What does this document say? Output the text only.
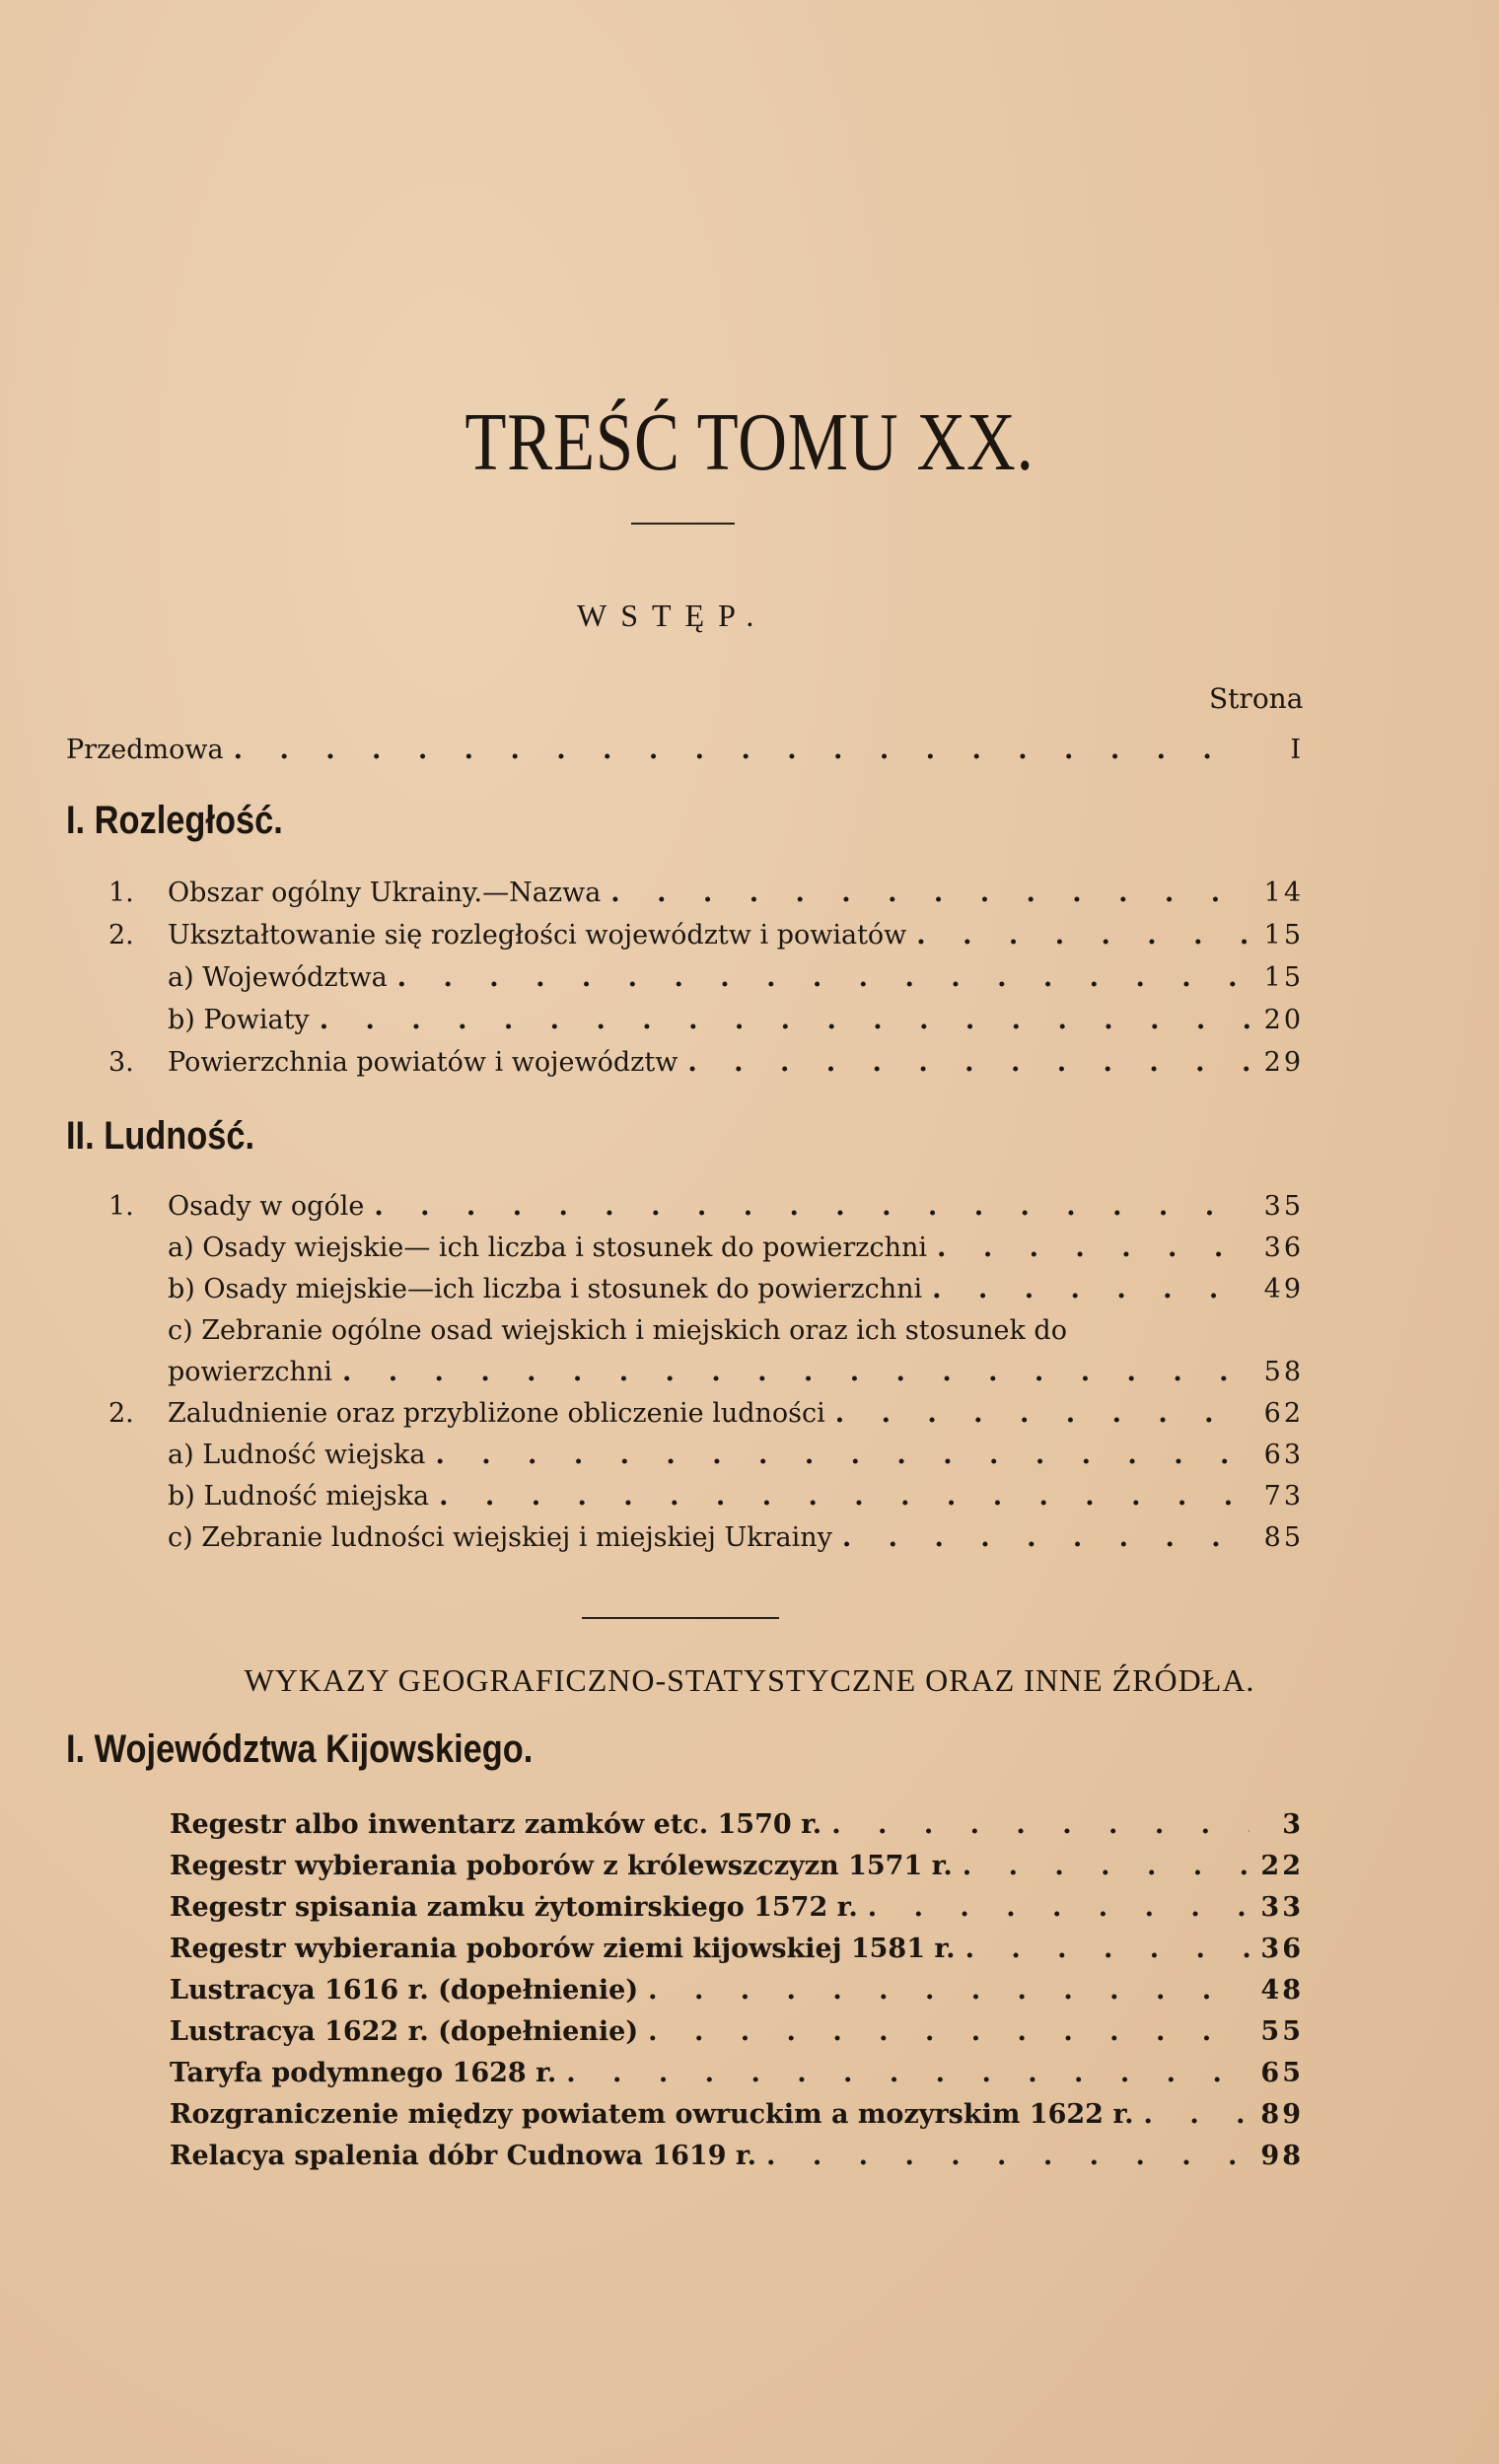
TREŚĆ TOMU XX.
WSTĘP.
Strona
Przedmowa . . .	I
I. Rozległość.
1.	Obszar ogólny Ukrainy.—Nazwa . . .	14
2.	Ukształtowanie się rozległości województw i powiatów . . .	15
a) Województwa . . .	15
b) Powiaty . . .	20
3.	Powierzchnia powiatów i województw . . .	29
II. Ludność.
1.	Osady w ogóle . . .	35
a) Osady wiejskie— ich liczba i stosunek do powierzchni . . .	36
b) Osady miejskie—ich liczba i stosunek do powierzchni . . .	49
c) Zebranie ogólne osad wiejskich i miejskich oraz ich stosunek do
powierzchni . . .	58
2.	Zaludnienie oraz przybliżone obliczenie ludności . . .	62
a) Ludność wiejska . . .	63
b) Ludność miejska . . .	73
c) Zebranie ludności wiejskiej i miejskiej Ukrainy . . .	85
WYKAZY GEOGRAFICZNO-STATYSTYCZNE ORAZ INNE ŹRÓDŁA.
I. Województwa Kijowskiego.
Regestr albo inwentarz zamków etc. 1570 r. . . .	3
Regestr wybierania poborów z królewszczyzn 1571 r. . . .	22
Regestr spisania zamku żytomirskiego 1572 r. . . .	33
Regestr wybierania poborów ziemi kijowskiej 1581 r. . . .	36
Lustracya 1616 r. (dopełnienie) . . .	48
Lustracya 1622 r. (dopełnienie) . . .	55
Taryfa podymnego 1628 r. . . .	65
Rozgraniczenie między powiatem owruckim a mozyrskim 1622 r. . . .	89
Relacya spalenia dóbr Cudnowa 1619 r. . . .	98
